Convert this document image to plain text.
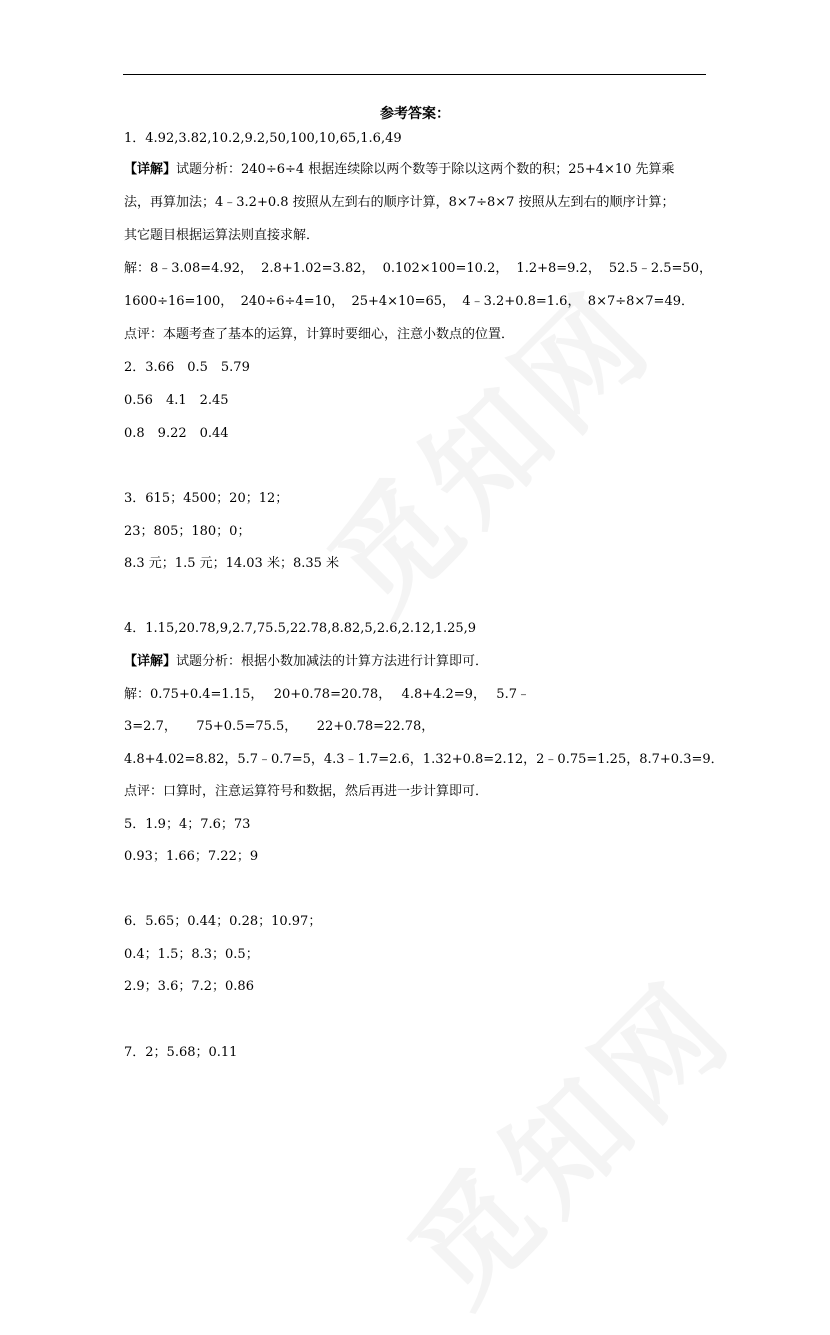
参考答案：
1．4.92,3.82,10.2,9.2,50,100,10,65,1.6,49
【详解】试题分析：240÷6÷4 根据连续除以两个数等于除以这两个数的积；25+4×10 先算乘
法，再算加法；4﹣3.2+0.8 按照从左到右的顺序计算，8×7÷8×7 按照从左到右的顺序计算；
其它题目根据运算法则直接求解．
解：8﹣3.08=4.92， 2.8+1.02=3.82， 0.102×100=10.2， 1.2+8=9.2， 52.5﹣2.5=50，
1600÷16=100， 240÷6÷4=10， 25+4×10=65， 4﹣3.2+0.8=1.6， 8×7÷8×7=49．
点评：本题考查了基本的运算，计算时要细心，注意小数点的位置．
2．3.66　0.5　5.79
0.56　4.1　2.45
0.8　9.22　0.44
3．615；4500；20；12；
23；805；180；0；
8.3 元；1.5 元；14.03 米；8.35 米
4．1.15,20.78,9,2.7,75.5,22.78,8.82,5,2.6,2.12,1.25,9
【详解】试题分析：根据小数加减法的计算方法进行计算即可．
解：0.75+0.4=1.15， 20+0.78=20.78， 4.8+4.2=9， 5.7﹣
3=2.7，　　75+0.5=75.5，　　22+0.78=22.78，
4.8+4.02=8.82， 5.7﹣0.7=5， 4.3﹣1.7=2.6， 1.32+0.8=2.12， 2﹣0.75=1.25， 8.7+0.3=9．
点评：口算时，注意运算符号和数据，然后再进一步计算即可．
5．1.9；4；7.6；73
0.93；1.66；7.22；9
6．5.65；0.44；0.28；10.97；
0.4；1.5；8.3；0.5；
2.9；3.6；7.2；0.86
7．2；5.68；0.11
